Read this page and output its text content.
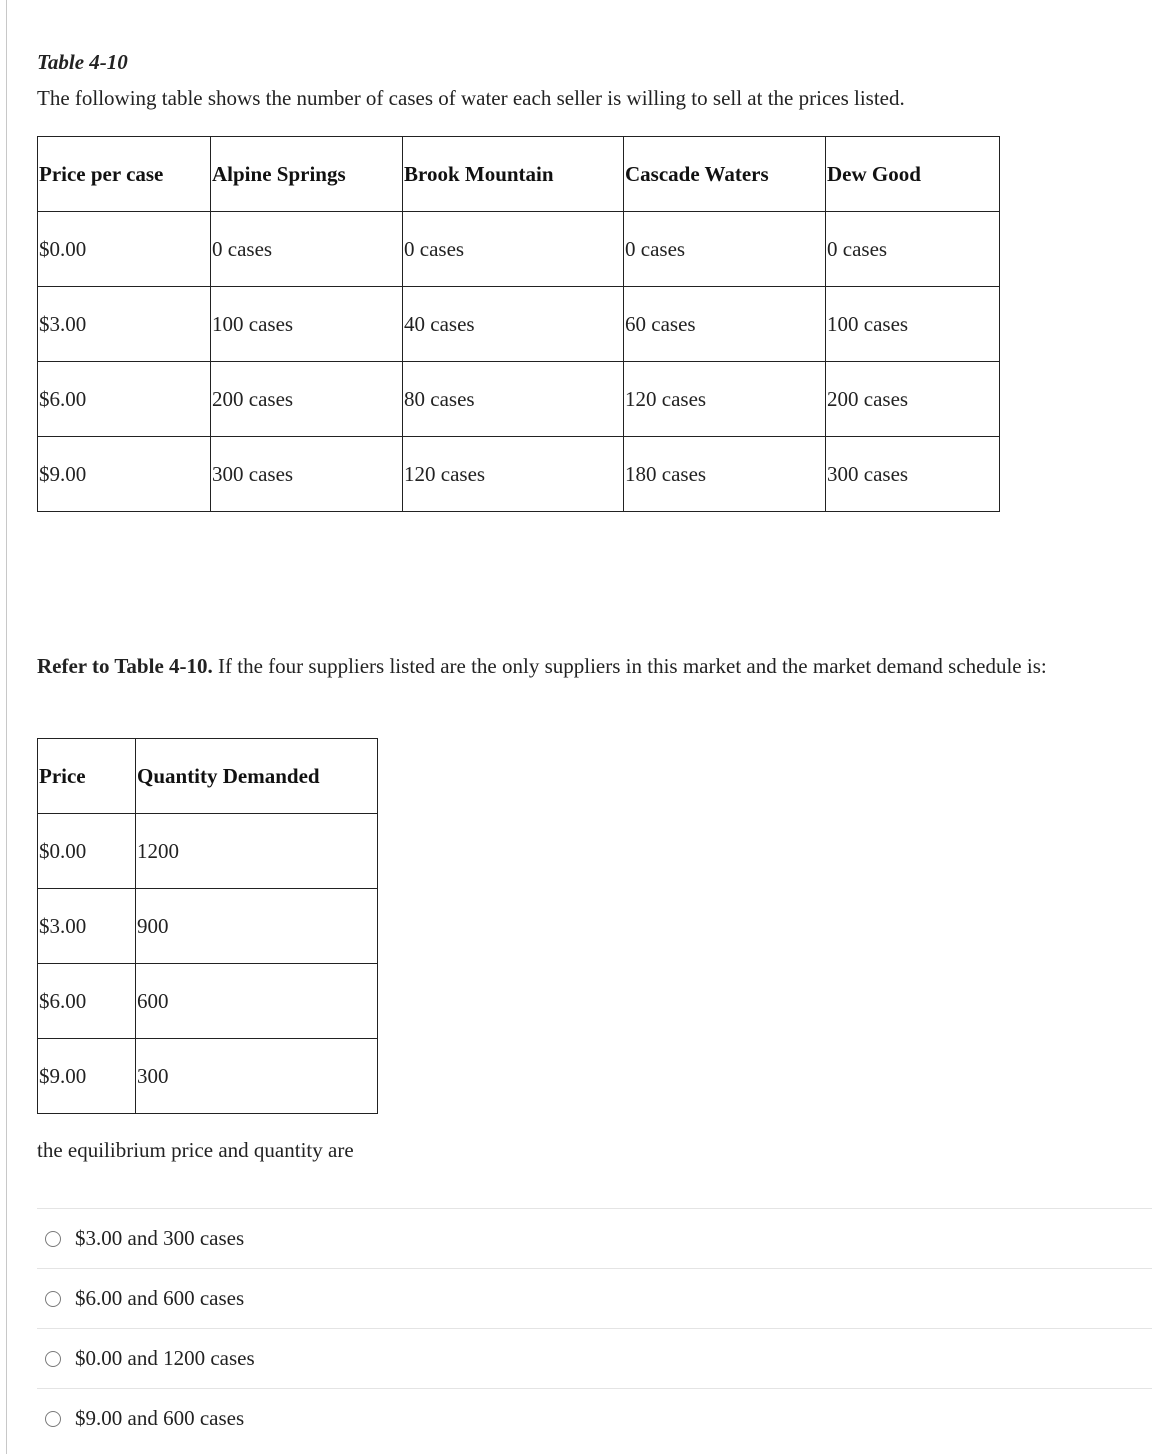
Table 4-10

The following table shows the number of cases of water each seller is willing to sell at the prices listed.

Price per case	Alpine Springs	Brook Mountain	Cascade Waters	Dew Good
$0.00	0 cases	0 cases	0 cases	0 cases
$3.00	100 cases	40 cases	60 cases	100 cases
$6.00	200 cases	80 cases	120 cases	200 cases
$9.00	300 cases	120 cases	180 cases	300 cases

Refer to Table 4-10. If the four suppliers listed are the only suppliers in this market and the market demand schedule is:

Price	Quantity Demanded
$0.00	1200
$3.00	900
$6.00	600
$9.00	300

the equilibrium price and quantity are

$3.00 and 300 cases
$6.00 and 600 cases
$0.00 and 1200 cases
$9.00 and 600 cases
